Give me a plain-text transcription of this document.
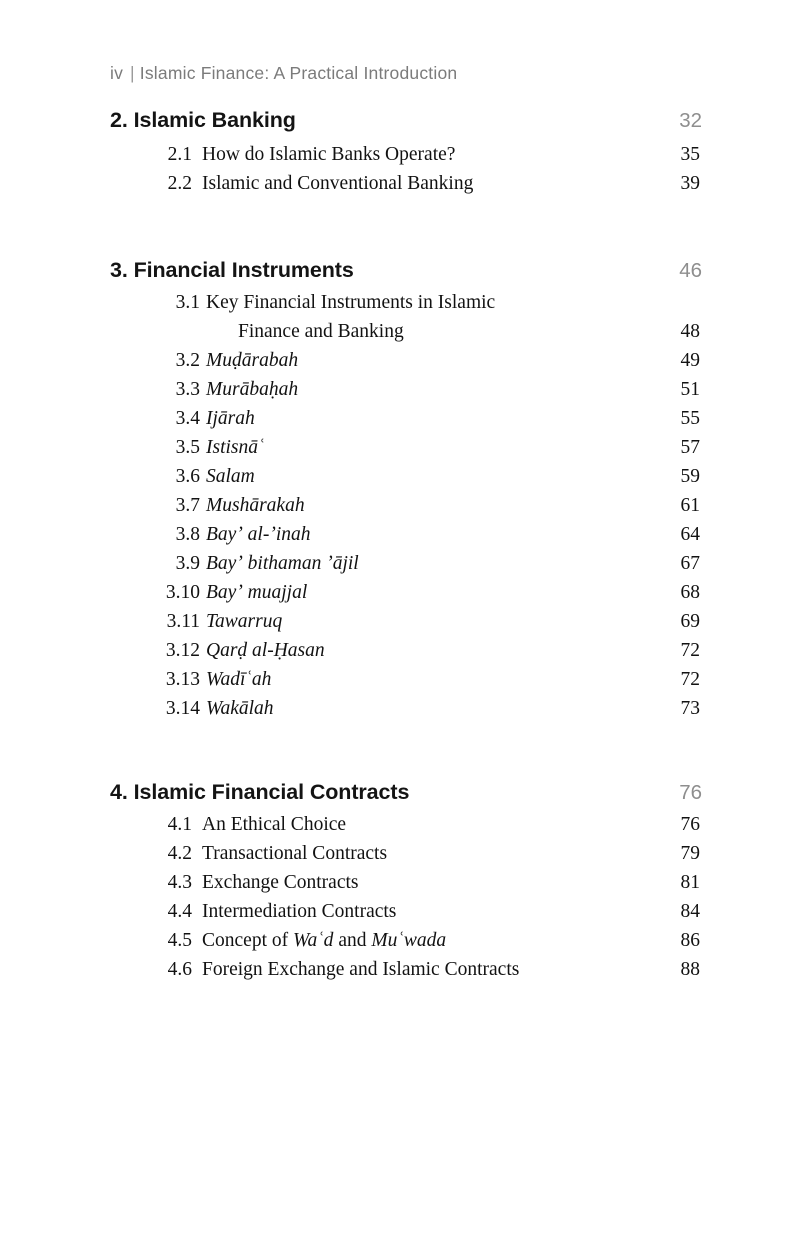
iv | Islamic Finance: A Practical Introduction
2. Islamic Banking	32
2.1 How do Islamic Banks Operate?	35
2.2 Islamic and Conventional Banking	39
3. Financial Instruments	46
3.1 Key Financial Instruments in Islamic
Finance and Banking	48
3.2 Muḍārabah	49
3.3 Murābaḥah	51
3.4 Ijārah	55
3.5 Istisnāʿ	57
3.6 Salam	59
3.7 Mushārakah	61
3.8 Bayʼ al-ʼinah	64
3.9 Bayʼ bithaman ʼājil	67
3.10 Bayʼ muajjal	68
3.11 Tawarruq	69
3.12 Qarḍ al-Ḥasan	72
3.13 Wadīʿah	72
3.14 Wakālah	73
4. Islamic Financial Contracts	76
4.1 An Ethical Choice	76
4.2 Transactional Contracts	79
4.3 Exchange Contracts	81
4.4 Intermediation Contracts	84
4.5 Concept of Waʿd and Muʿwada	86
4.6 Foreign Exchange and Islamic Contracts	88
